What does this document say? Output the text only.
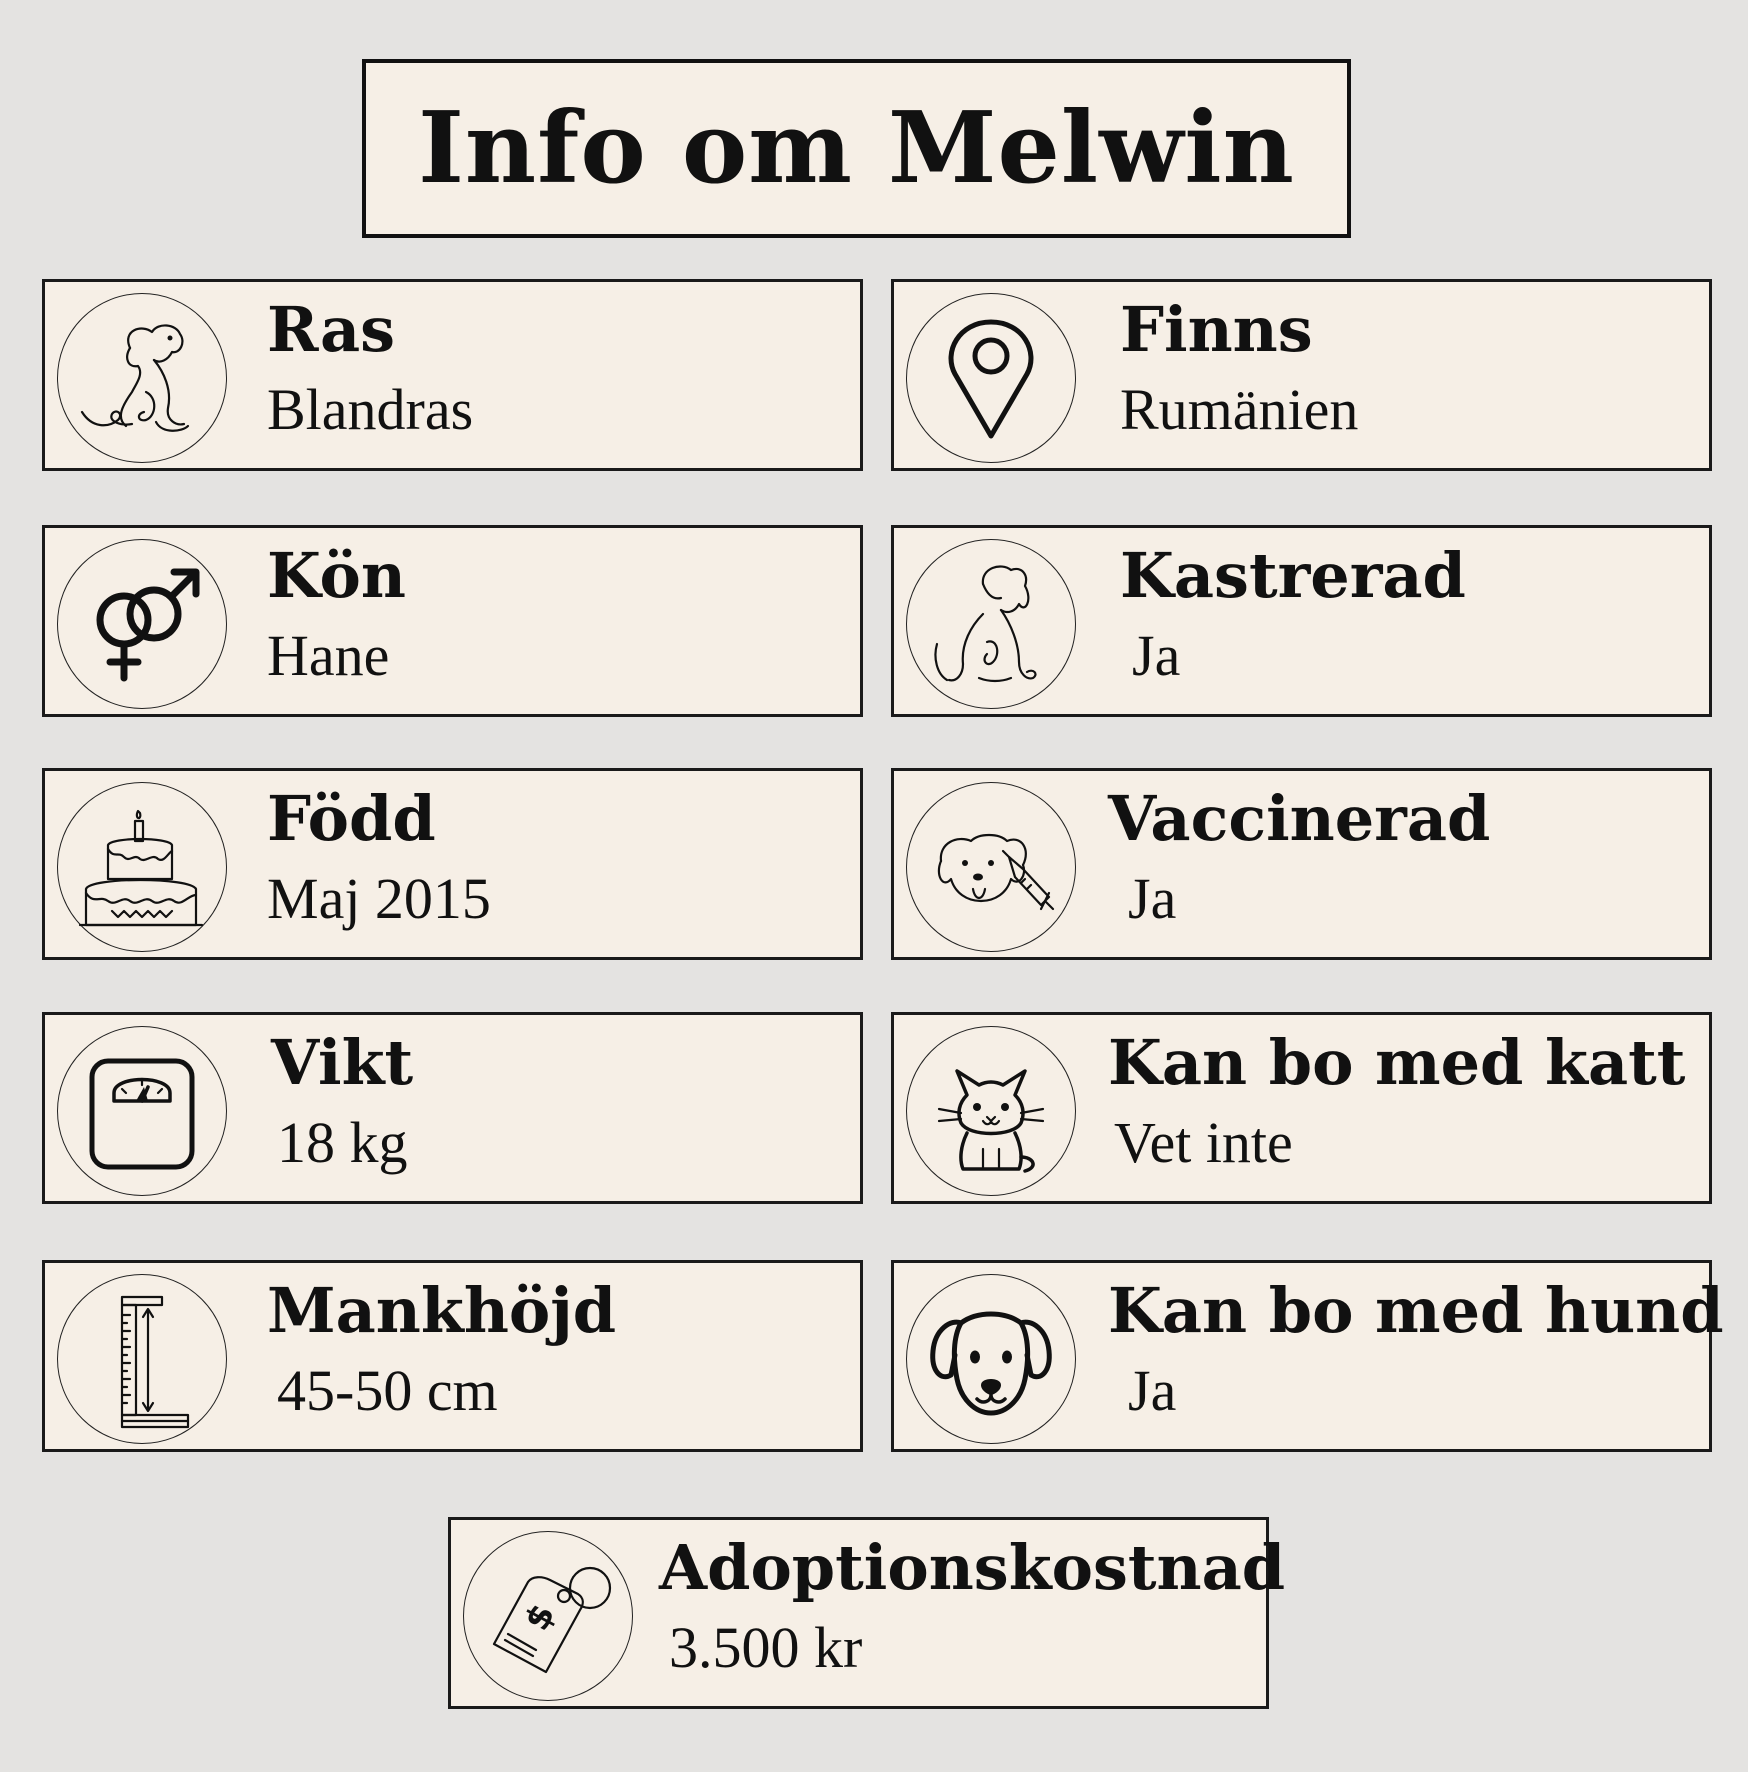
Info om Melwin
Ras
Blandras
Finns
Rumänien
Kön
Hane
Kastrerad
Ja
Född
Maj 2015
Vaccinerad
Ja
Vikt
18 kg
Kan bo med katt
Vet inte
Mankhöjd
45-50 cm
Kan bo med hund
Ja
$
Adoptionskostnad
3.500 kr
